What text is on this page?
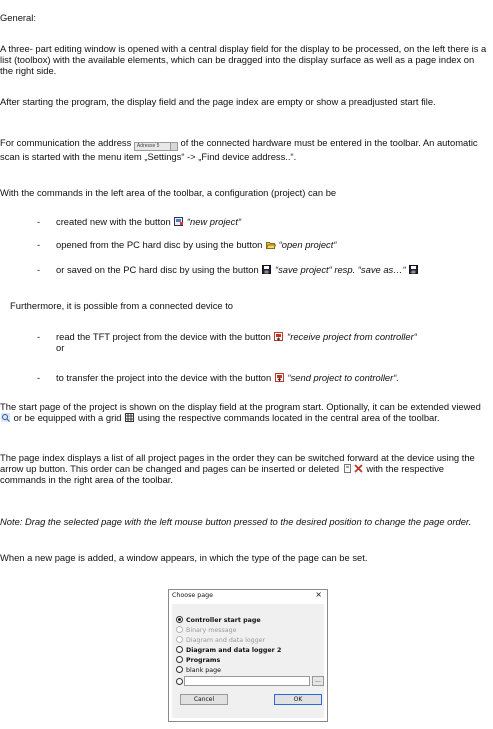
General:
A three- part editing window is opened with a central display field for the display to be processed, on the left there is a list (toolbox) with the available elements, which can be dragged into the display surface as well as a page index on the right side.
After starting the program, the display field and the page index are empty or show a preadjusted start file.
For communication the address Adresse 5 of the connected hardware must be entered in the toolbar. An automatic scan is started with the menu item „Settings“ -> „Find device address..“.
With the commands in the left area of the toolbar, a configuration (project) can be
- created new with the button “new project“
- opened from the PC hard disc by using the button “open project“
- or saved on the PC hard disc by using the button “save project“ resp. “save as…“ ...
Furthermore, it is possible from a connected device to
- read the TFT project from the device with the button “receive project from controller“
or
- to transfer the project into the device with the button “send project to controller“.
The start page of the project is shown on the display field at the program start. Optionally, it can be extended viewed  or be equipped with a grid using the respective commands located in the central area of the toolbar.
The page index displays a list of all project pages in the order they can be switched forward at the device using the arrow up button. This order can be changed and pages can be inserted or deleted	with the respective commands in the right area of the toolbar.
Note: Drag the selected page with the left mouse button pressed to the desired position to change the page order.
When a new page is added, a window appears, in which the type of the page can be set.
Choose page	×
Controller start page
Binary message
Diagram and data logger
Diagram and data logger 2
Programs
blank page
...
Cancel	OK
